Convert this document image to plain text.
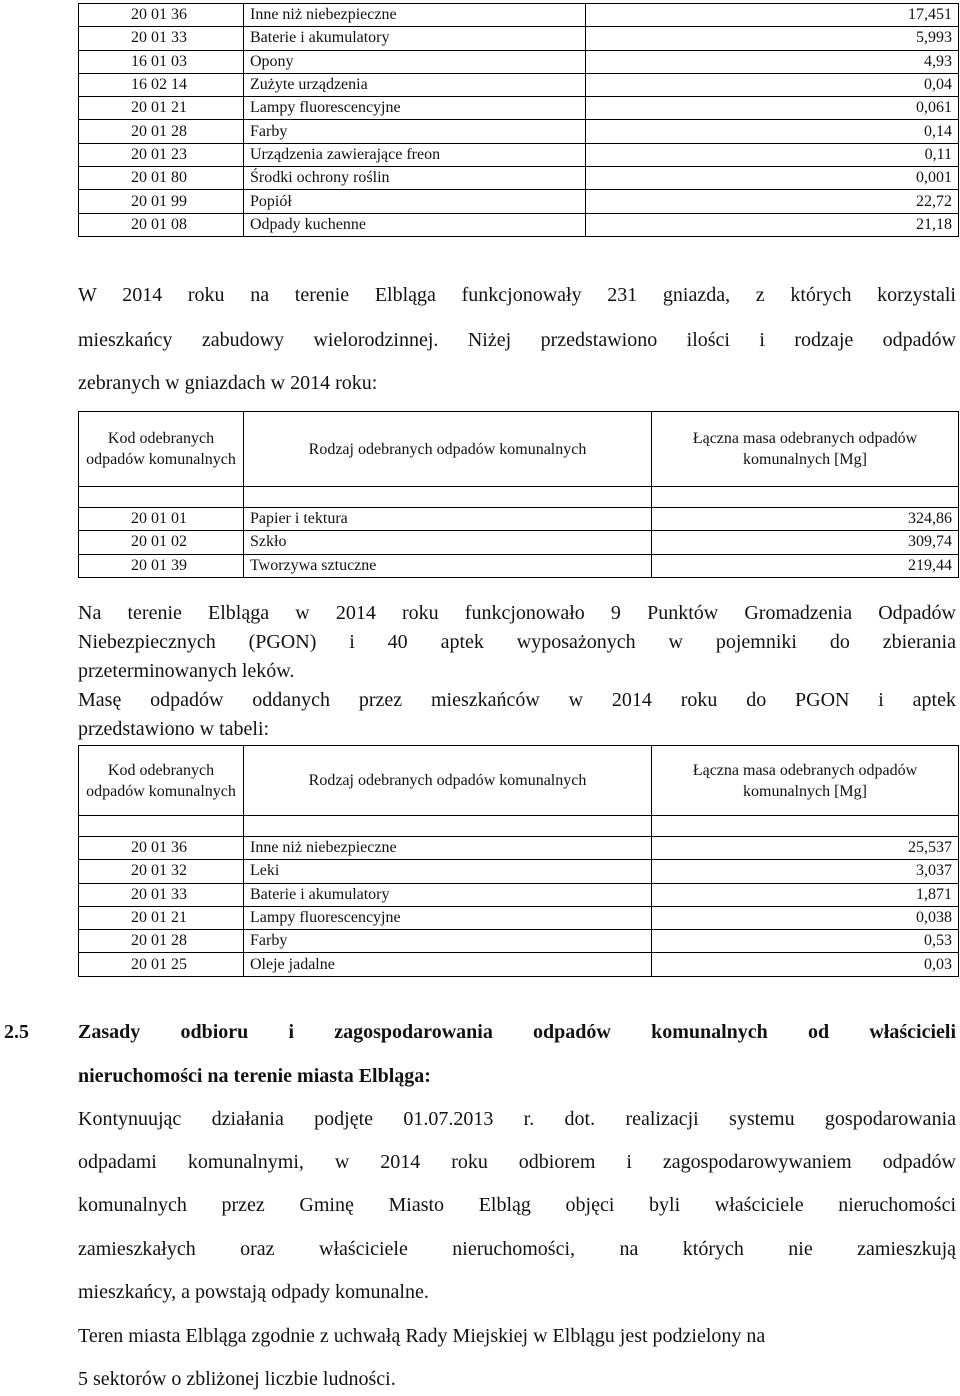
20 01 36	Inne niż niebezpieczne	17,451
20 01 33	Baterie i akumulatory	5,993
16 01 03	Opony	4,93
16 02 14	Zużyte urządzenia	0,04
20 01 21	Lampy fluorescencyjne	0,061
20 01 28	Farby	0,14
20 01 23	Urządzenia zawierające freon	0,11
20 01 80	Środki ochrony roślin	0,001
20 01 99	Popiół	22,72
20 01 08	Odpady kuchenne	21,18
W 2014 roku na terenie Elbląga funkcjonowały 231 gniazda, z których korzystali
mieszkańcy zabudowy wielorodzinnej. Niżej przedstawiono ilości i rodzaje odpadów
zebranych w gniazdach w 2014 roku:
Kod odebranych odpadów komunalnych	Rodzaj odebranych odpadów komunalnych	Łączna masa odebranych odpadów komunalnych [Mg]

20 01 01	Papier i tektura	324,86
20 01 02	Szkło	309,74
20 01 39	Tworzywa sztuczne	219,44
Na terenie Elbląga w 2014 roku funkcjonowało 9 Punktów Gromadzenia Odpadów
Niebezpiecznych (PGON) i 40 aptek wyposażonych w pojemniki do zbierania
przeterminowanych leków.
Masę odpadów oddanych przez mieszkańców w 2014 roku do PGON i aptek
przedstawiono w tabeli:
Kod odebranych odpadów komunalnych	Rodzaj odebranych odpadów komunalnych	Łączna masa odebranych odpadów komunalnych [Mg]

20 01 36	Inne niż niebezpieczne	25,537
20 01 32	Leki	3,037
20 01 33	Baterie i akumulatory	1,871
20 01 21	Lampy fluorescencyjne	0,038
20 01 28	Farby	0,53
20 01 25	Oleje jadalne	0,03
2.5 Zasady odbioru i zagospodarowania odpadów komunalnych od właścicieli
nieruchomości na terenie miasta Elbląga:
Kontynuując działania podjęte 01.07.2013 r. dot. realizacji systemu gospodarowania
odpadami komunalnymi, w 2014 roku odbiorem i zagospodarowywaniem odpadów
komunalnych przez Gminę Miasto Elbląg objęci byli właściciele nieruchomości
zamieszkałych oraz właściciele nieruchomości, na których nie zamieszkują
mieszkańcy, a powstają odpady komunalne.
Teren miasta Elbląga zgodnie z uchwałą Rady Miejskiej w Elblągu jest podzielony na
5 sektorów o zbliżonej liczbie ludności.
